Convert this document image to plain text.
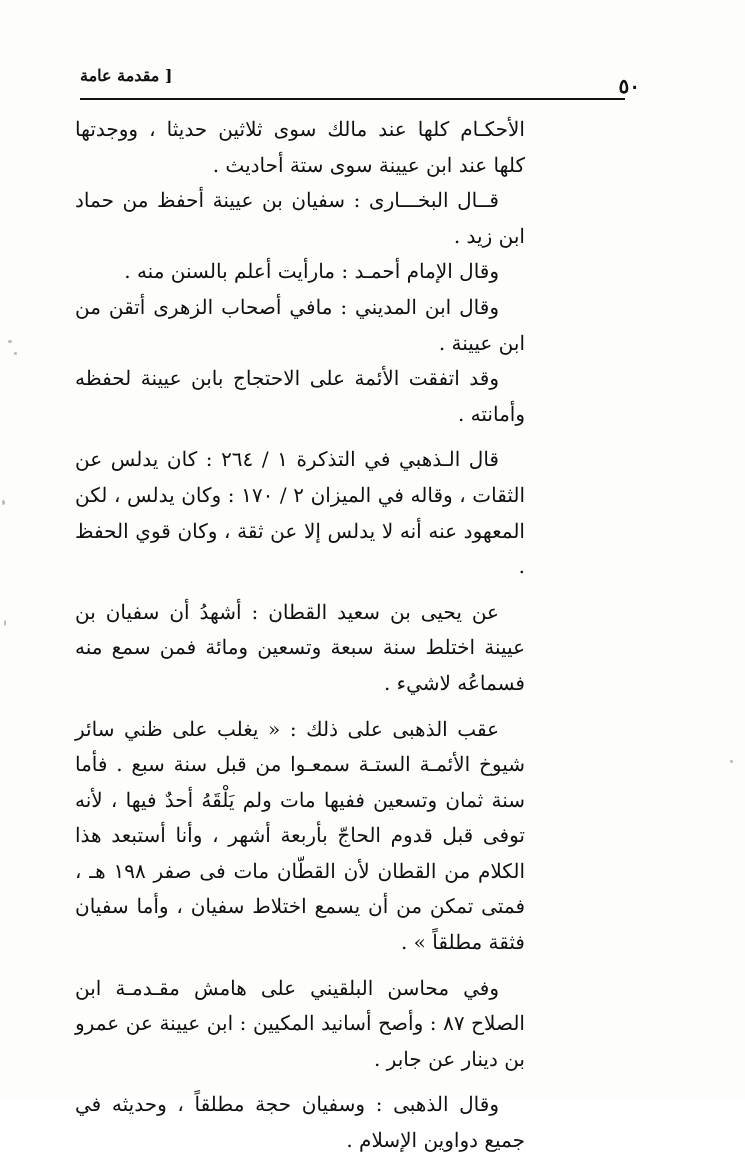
٥٠
[ مقدمة عامة

الأحكـام كلها عند مالك سوى ثلاثين حديثا ، ووجدتها كلها عند ابن عيينة سوى ستة أحاديث .

قــال البخـــارى : سفيان بن عيينة أحفظ من حماد ابن زيد .

وقال الإمام أحمـد : مارأيت أعلم بالسنن منه .

وقال ابن المديني : مافي أصحاب الزهرى أتقن من ابن عيينة .

وقد اتفقت الأئمة على الاحتجاج بابن عيينة لحفظه وأمانته .

قال الـذهبي في التذكرة ١ / ٢٦٤ : كان يدلس عن الثقات ، وقاله في الميزان ٢ / ١٧٠ : وكان يدلس ، لكن المعهود عنه أنه لا يدلس إلا عن ثقة ، وكان قوي الحفظ .

عن يحيى بن سعيد القطان : أشهدُ أن سفيان بن عيينة اختلط سنة سبعة وتسعين ومائة فمن سمع منه فسماعُه لاشيء .

عقب الذهبى على ذلك : « يغلب على ظني سائر شيوخ الأئمـة الستـة سمعـوا من قبل سنة سبع . فأما سنة ثمان وتسعين ففيها مات ولم يَلْقَهُ أحدٌ فيها ، لأنه توفى قبل قدوم الحاجّ بأربعة أشهر ، وأنا أستبعد هذا الكلام من القطان لأن القطّان مات فى صفر ١٩٨ هـ ، فمتى تمكن من أن يسمع اختلاط سفيان ، وأما سفيان فثقة مطلقاً » .

وفي محاسن البلقيني على هامش مقـدمـة ابن الصلاح ٨٧ : وأصح أسانيد المكيين : ابن عيينة عن عمرو بن دينار عن جابر .

وقال الذهبى : وسفيان حجة مطلقاً ، وحديثه في جميع دواوين الإسلام .
